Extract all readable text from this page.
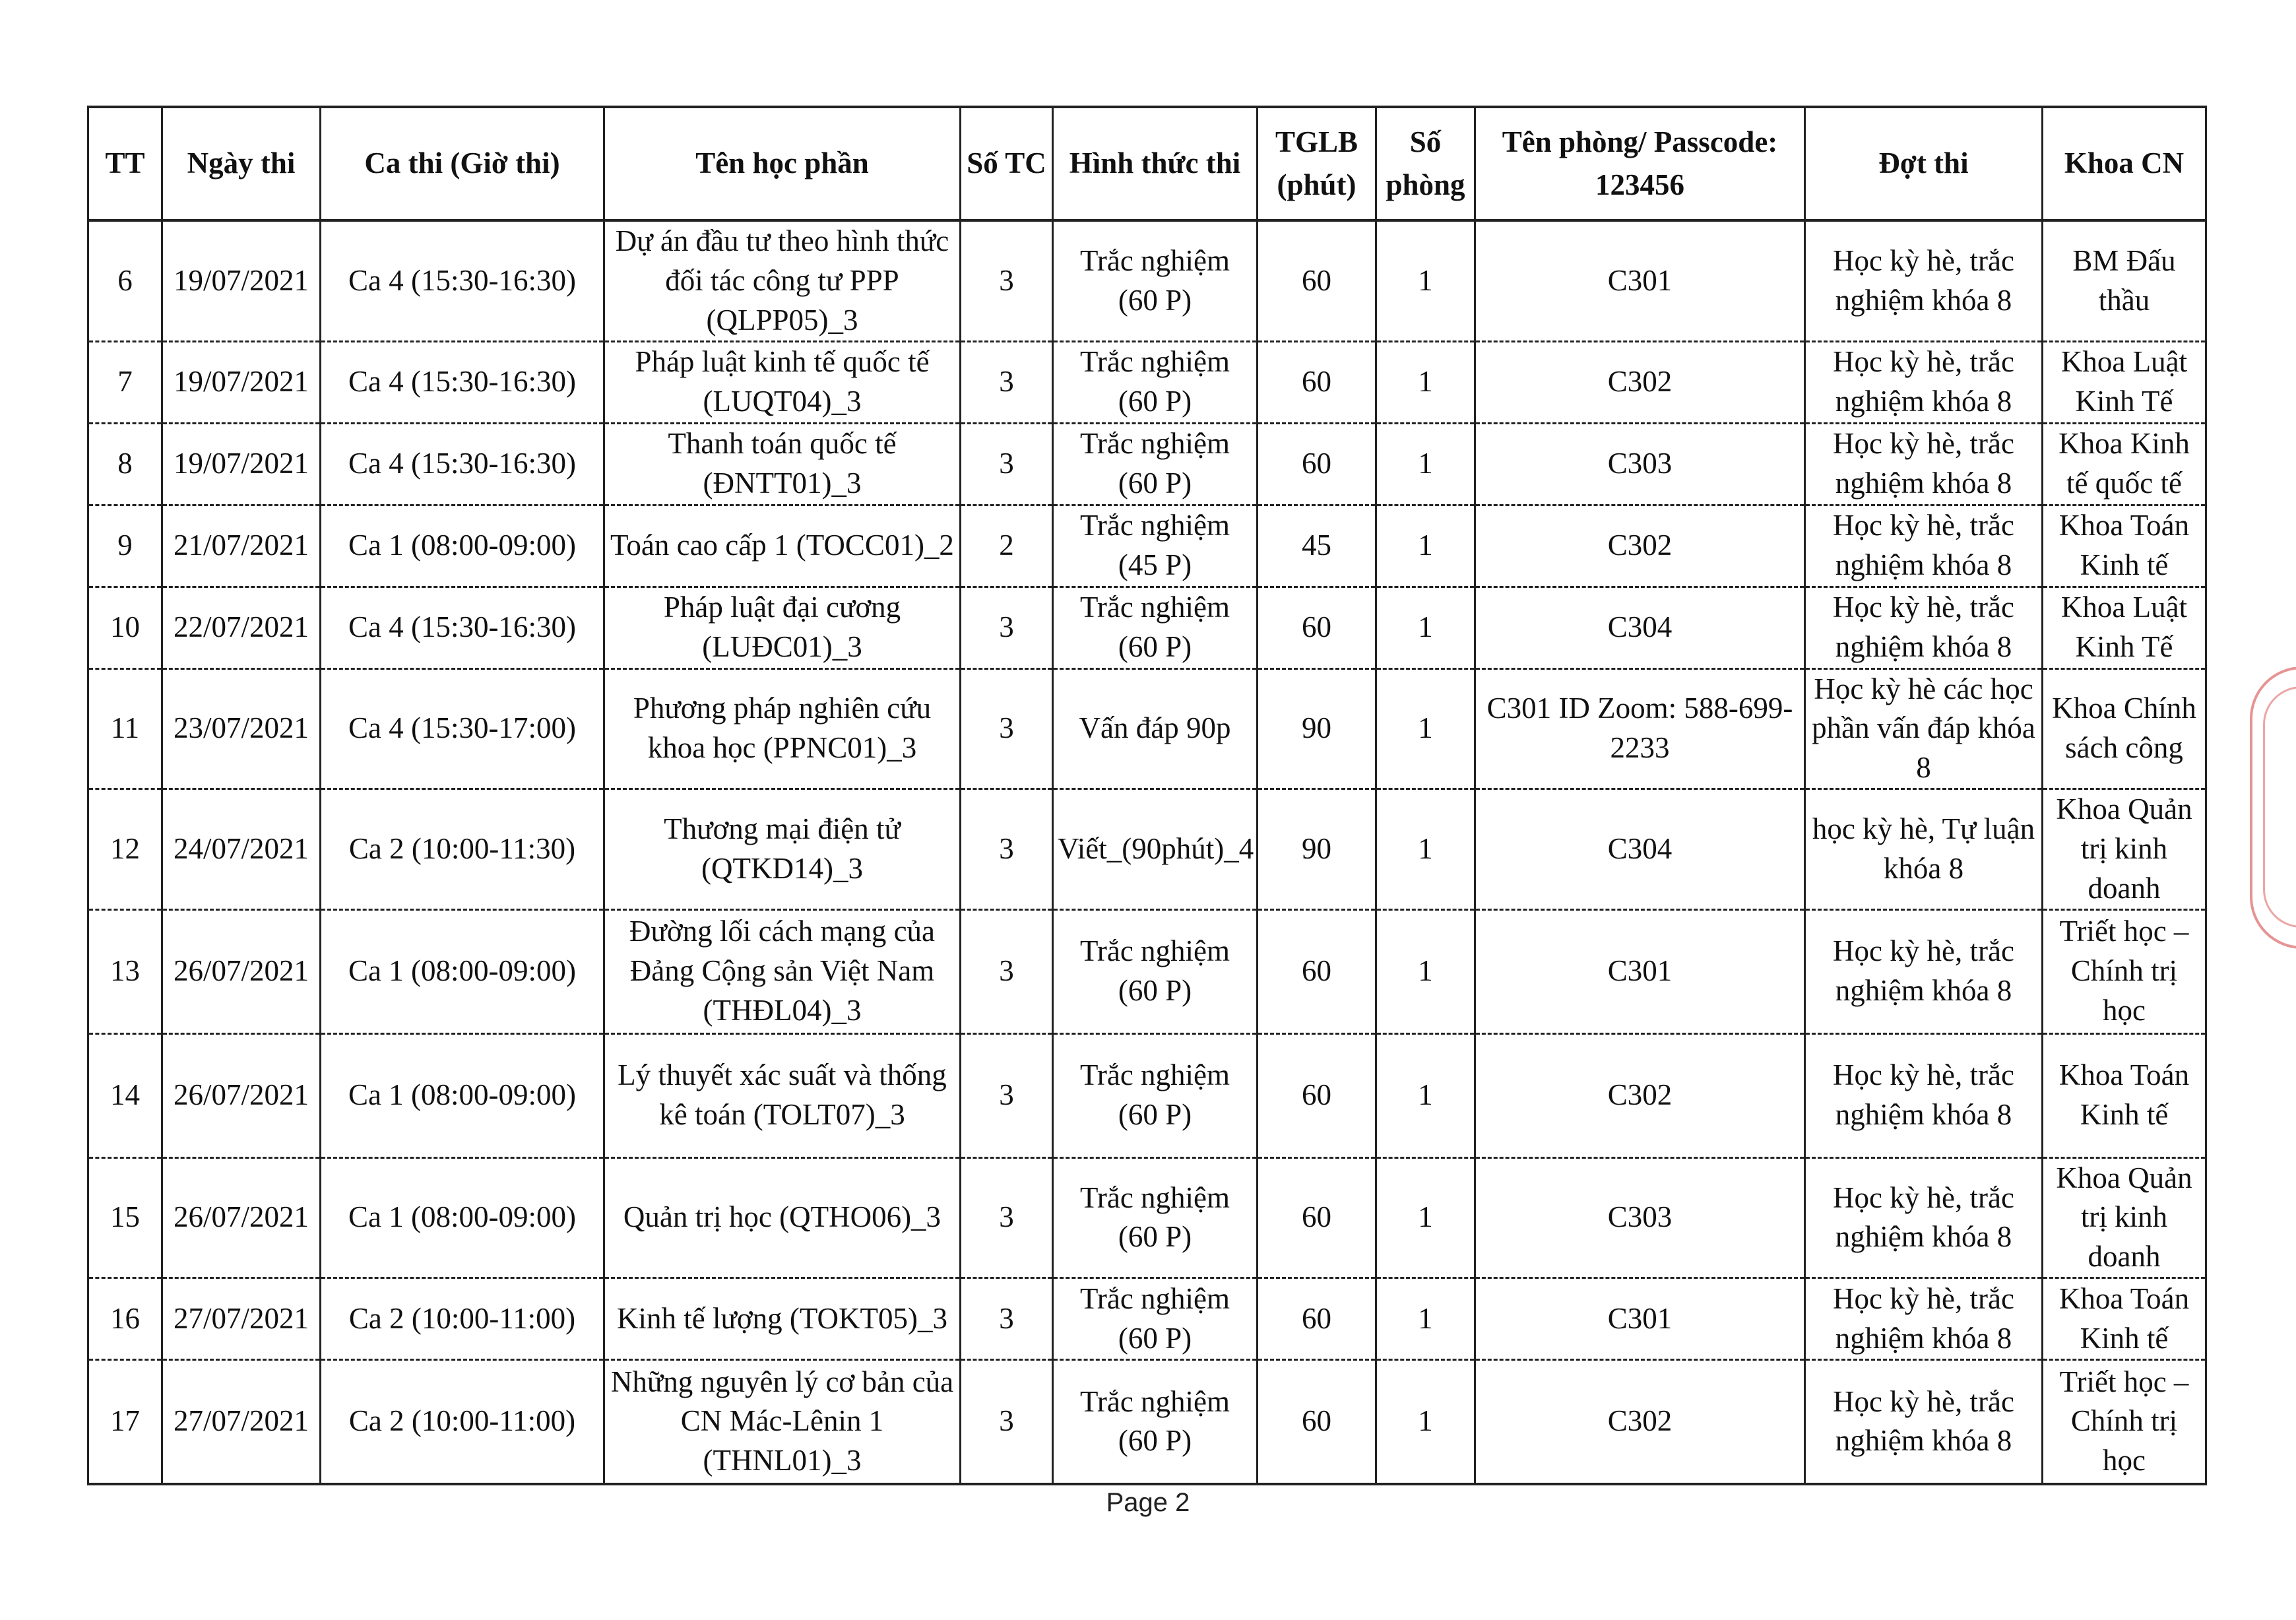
TT	Ngày thi	Ca thi (Giờ thi)	Tên học phần	Số TC	Hình thức thi	TGLB (phút)	Số phòng	Tên phòng/ Passcode: 123456	Đợt thi	Khoa CN
6	19/07/2021	Ca 4 (15:30-16:30)	Dự án đầu tư theo hình thức đối tác công tư PPP (QLPP05)_3	3	Trắc nghiệm (60 P)	60	1	C301	Học kỳ hè, trắc nghiệm khóa 8	BM Đấu thầu
7	19/07/2021	Ca 4 (15:30-16:30)	Pháp luật kinh tế quốc tế (LUQT04)_3	3	Trắc nghiệm (60 P)	60	1	C302	Học kỳ hè, trắc nghiệm khóa 8	Khoa Luật Kinh Tế
8	19/07/2021	Ca 4 (15:30-16:30)	Thanh toán quốc tế (ĐNTT01)_3	3	Trắc nghiệm (60 P)	60	1	C303	Học kỳ hè, trắc nghiệm khóa 8	Khoa Kinh tế quốc tế
9	21/07/2021	Ca 1 (08:00-09:00)	Toán cao cấp 1 (TOCC01)_2	2	Trắc nghiệm (45 P)	45	1	C302	Học kỳ hè, trắc nghiệm khóa 8	Khoa Toán Kinh tế
10	22/07/2021	Ca 4 (15:30-16:30)	Pháp luật đại cương (LUĐC01)_3	3	Trắc nghiệm (60 P)	60	1	C304	Học kỳ hè, trắc nghiệm khóa 8	Khoa Luật Kinh Tế
11	23/07/2021	Ca 4 (15:30-17:00)	Phương pháp nghiên cứu khoa học (PPNC01)_3	3	Vấn đáp 90p	90	1	C301 ID Zoom: 588-699-2233	Học kỳ hè các học phần vấn đáp khóa 8	Khoa Chính sách công
12	24/07/2021	Ca 2 (10:00-11:30)	Thương mại điện tử (QTKD14)_3	3	Viết_(90phút)_4	90	1	C304	học kỳ hè, Tự luận khóa 8	Khoa Quản trị kinh doanh
13	26/07/2021	Ca 1 (08:00-09:00)	Đường lối cách mạng của Đảng Cộng sản Việt Nam (THĐL04)_3	3	Trắc nghiệm (60 P)	60	1	C301	Học kỳ hè, trắc nghiệm khóa 8	Triết học – Chính trị học
14	26/07/2021	Ca 1 (08:00-09:00)	Lý thuyết xác suất và thống kê toán (TOLT07)_3	3	Trắc nghiệm (60 P)	60	1	C302	Học kỳ hè, trắc nghiệm khóa 8	Khoa Toán Kinh tế
15	26/07/2021	Ca 1 (08:00-09:00)	Quản trị học (QTHO06)_3	3	Trắc nghiệm (60 P)	60	1	C303	Học kỳ hè, trắc nghiệm khóa 8	Khoa Quản trị kinh doanh
16	27/07/2021	Ca 2 (10:00-11:00)	Kinh tế lượng (TOKT05)_3	3	Trắc nghiệm (60 P)	60	1	C301	Học kỳ hè, trắc nghiệm khóa 8	Khoa Toán Kinh tế
17	27/07/2021	Ca 2 (10:00-11:00)	Những nguyên lý cơ bản của CN Mác-Lênin 1 (THNL01)_3	3	Trắc nghiệm (60 P)	60	1	C302	Học kỳ hè, trắc nghiệm khóa 8	Triết học – Chính trị học
Page 2
